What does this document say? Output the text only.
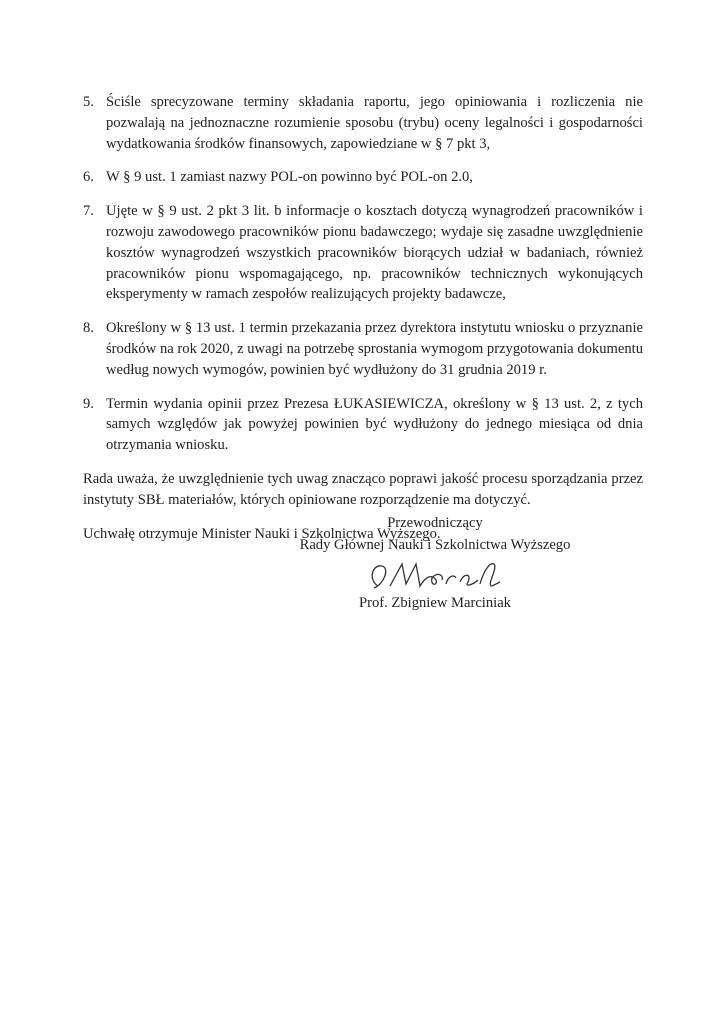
5. Ściśle sprecyzowane terminy składania raportu, jego opiniowania i rozliczenia nie pozwalają na jednoznaczne rozumienie sposobu (trybu) oceny legalności i gospodarności wydatkowania środków finansowych, zapowiedziane w § 7 pkt 3,
6. W § 9 ust. 1 zamiast nazwy POL-on powinno być POL-on 2.0,
7. Ujęte w § 9 ust. 2 pkt 3 lit. b informacje o kosztach dotyczą wynagrodzeń pracowników i rozwoju zawodowego pracowników pionu badawczego; wydaje się zasadne uwzględnienie kosztów wynagrodzeń wszystkich pracowników biorących udział w badaniach, również pracowników pionu wspomagającego, np. pracowników technicznych wykonujących eksperymenty w ramach zespołów realizujących projekty badawcze,
8. Określony w § 13 ust. 1 termin przekazania przez dyrektora instytutu wniosku o przyznanie środków na rok 2020, z uwagi na potrzebę sprostania wymogom przygotowania dokumentu według nowych wymogów, powinien być wydłużony do 31 grudnia 2019 r.
9. Termin wydania opinii przez Prezesa ŁUKASIEWICZA, określony w § 13 ust. 2, z tych samych względów jak powyżej powinien być wydłużony do jednego miesiąca od dnia otrzymania wniosku.

Rada uważa, że uwzględnienie tych uwag znacząco poprawi jakość procesu sporządzania przez instytuty SBŁ materiałów, których opiniowane rozporządzenie ma dotyczyć.

Uchwałę otrzymuje Minister Nauki i Szkolnictwa Wyższego.

Przewodniczący
Rady Głównej Nauki i Szkolnictwa Wyższego
Prof. Zbigniew Marciniak
